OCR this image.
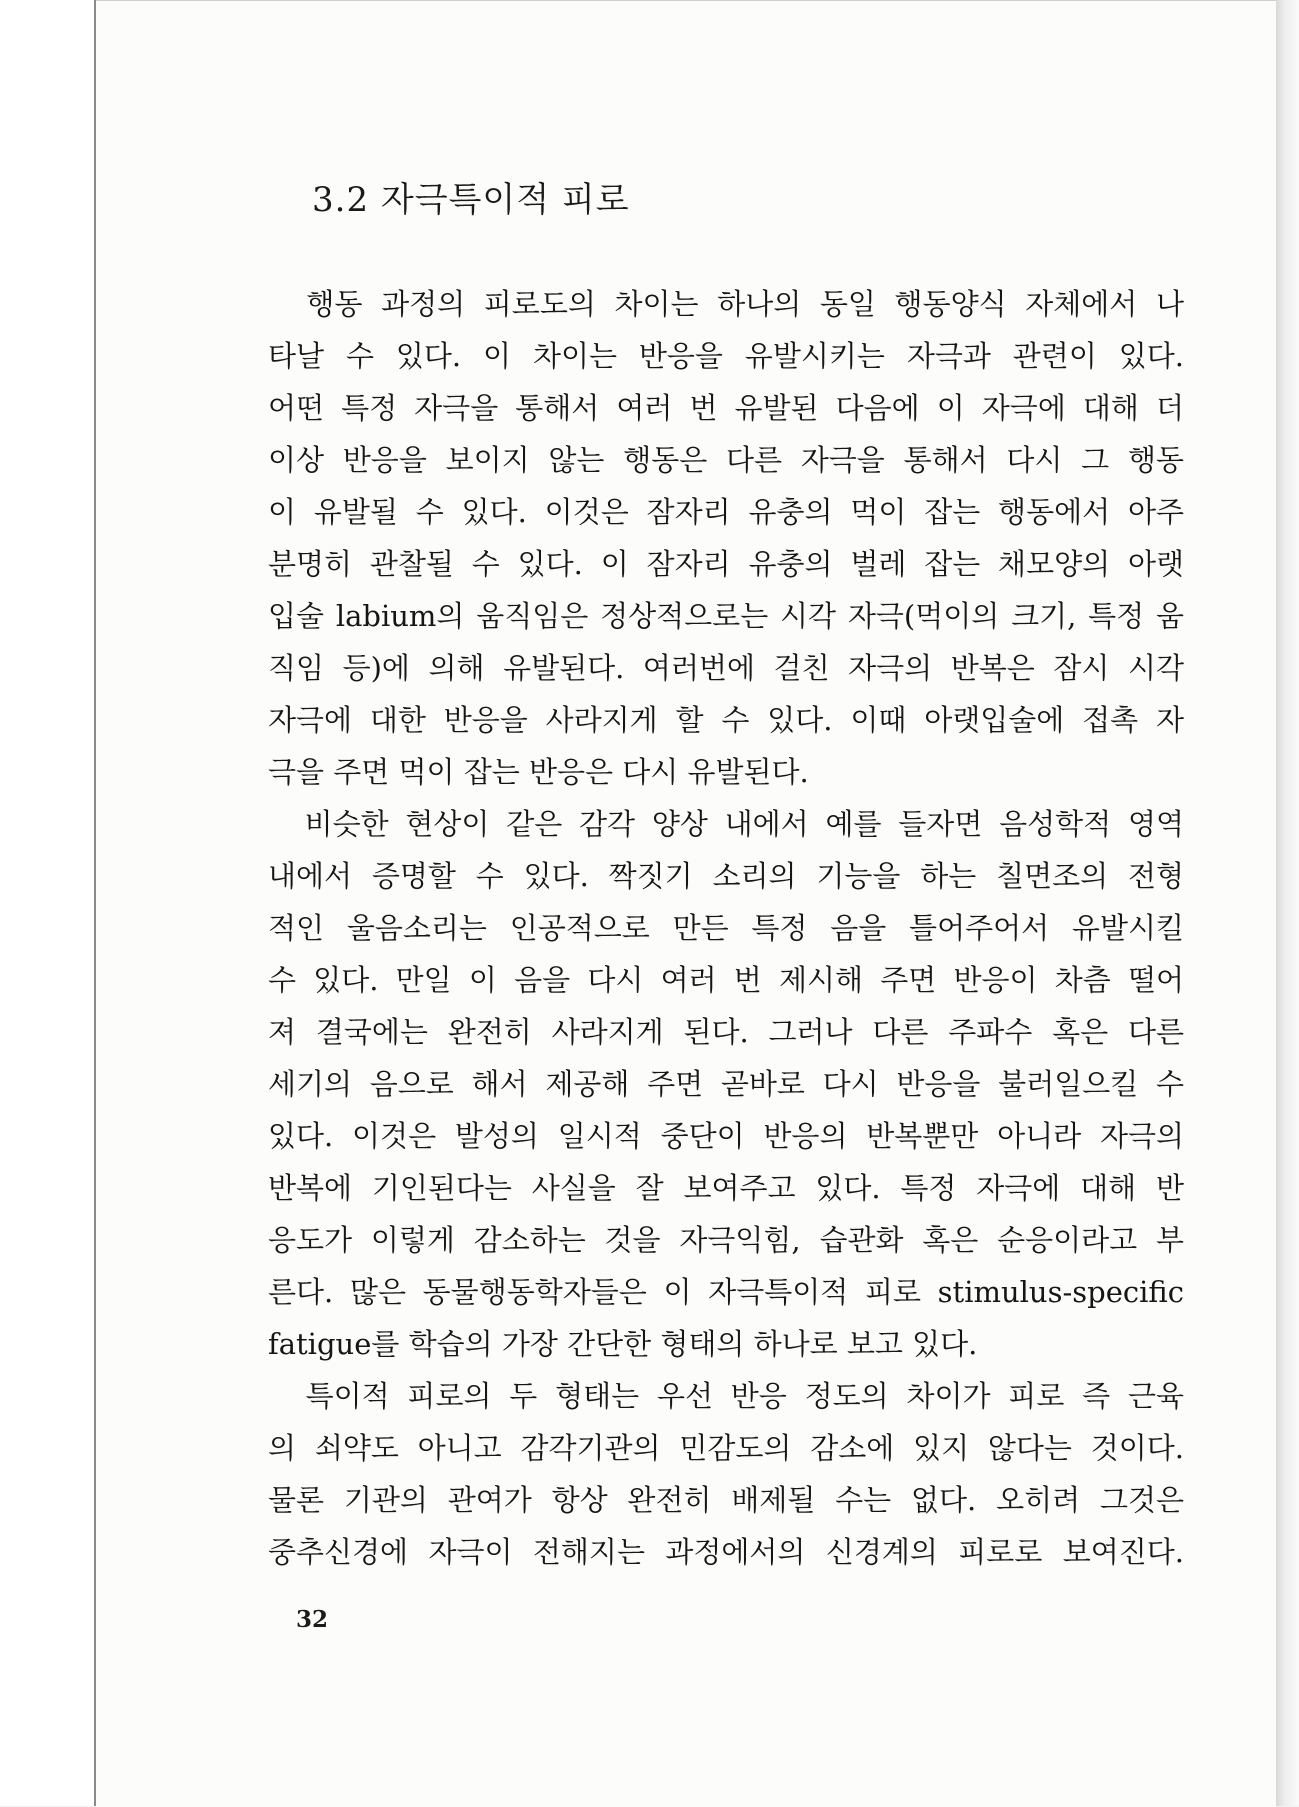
3.2 자극특이적 피로
　행동 과정의 피로도의 차이는 하나의 동일 행동양식 자체에서 나
타날 수 있다. 이 차이는 반응을 유발시키는 자극과 관련이 있다.
어떤 특정 자극을 통해서 여러 번 유발된 다음에 이 자극에 대해 더
이상 반응을 보이지 않는 행동은 다른 자극을 통해서 다시 그 행동
이 유발될 수 있다. 이것은 잠자리 유충의 먹이 잡는 행동에서 아주
분명히 관찰될 수 있다. 이 잠자리 유충의 벌레 잡는 채모양의 아랫
입술 labium의 움직임은 정상적으로는 시각 자극(먹이의 크기, 특정 움
직임 등)에 의해 유발된다. 여러번에 걸친 자극의 반복은 잠시 시각
자극에 대한 반응을 사라지게 할 수 있다. 이때 아랫입술에 접촉 자
극을 주면 먹이 잡는 반응은 다시 유발된다.
　비슷한 현상이 같은 감각 양상 내에서 예를 들자면 음성학적 영역
내에서 증명할 수 있다. 짝짓기 소리의 기능을 하는 칠면조의 전형
적인 울음소리는 인공적으로 만든 특정 음을 틀어주어서 유발시킬
수 있다. 만일 이 음을 다시 여러 번 제시해 주면 반응이 차츰 떨어
져 결국에는 완전히 사라지게 된다. 그러나 다른 주파수 혹은 다른
세기의 음으로 해서 제공해 주면 곧바로 다시 반응을 불러일으킬 수
있다. 이것은 발성의 일시적 중단이 반응의 반복뿐만 아니라 자극의
반복에 기인된다는 사실을 잘 보여주고 있다. 특정 자극에 대해 반
응도가 이렇게 감소하는 것을 자극익힘, 습관화 혹은 순응이라고 부
른다. 많은 동물행동학자들은 이 자극특이적 피로 stimulus-specific
fatigue를 학습의 가장 간단한 형태의 하나로 보고 있다.
　특이적 피로의 두 형태는 우선 반응 정도의 차이가 피로 즉 근육
의 쇠약도 아니고 감각기관의 민감도의 감소에 있지 않다는 것이다.
물론 기관의 관여가 항상 완전히 배제될 수는 없다. 오히려 그것은
중추신경에 자극이 전해지는 과정에서의 신경계의 피로로 보여진다.
32
